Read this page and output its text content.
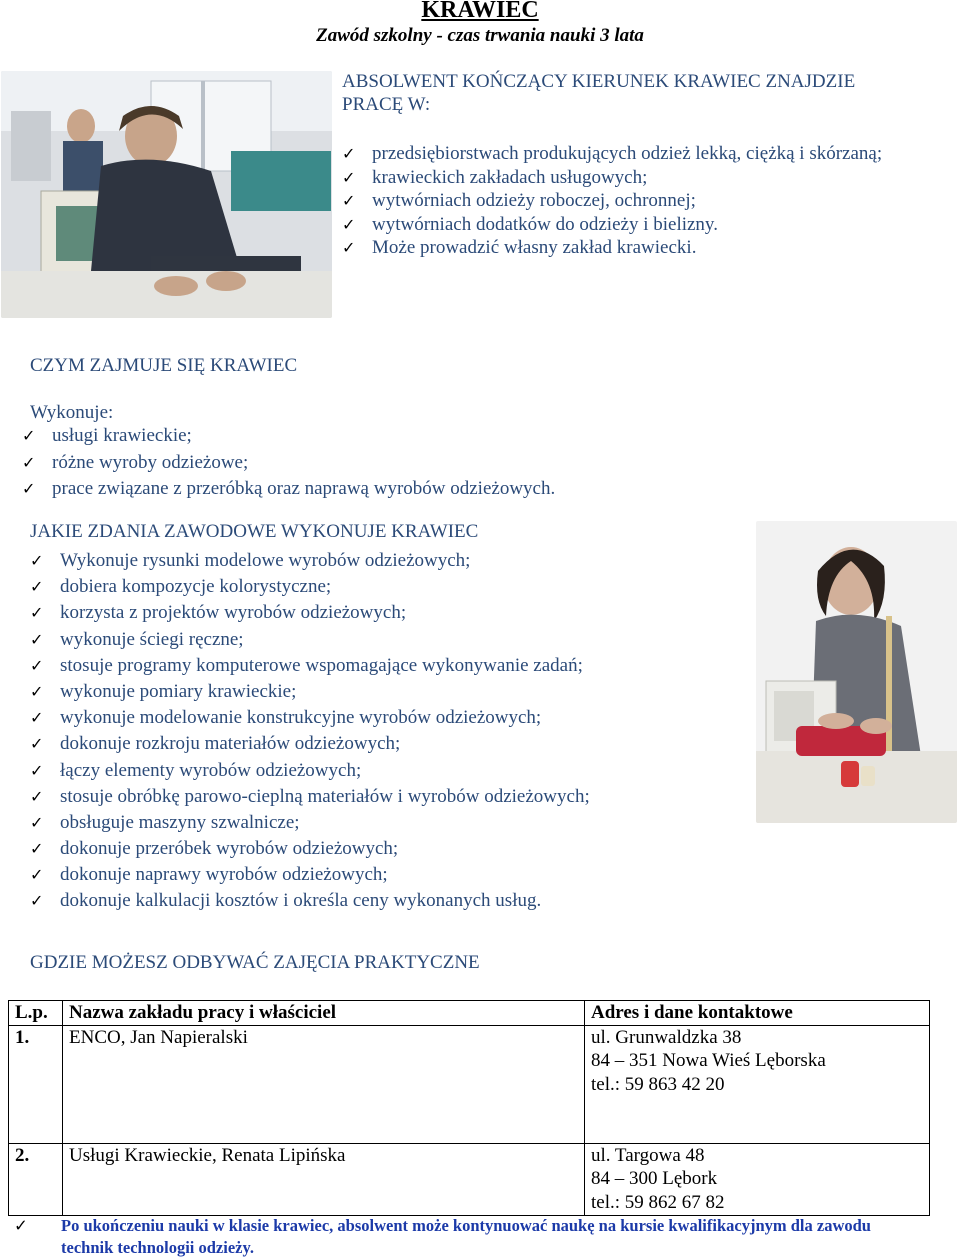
KRAWIEC
Zawód szkolny - czas trwania nauki 3 lata
ABSOLWENT KOŃCZĄCY KIERUNEK KRAWIEC ZNAJDZIE
PRACĘ W:
✓ przedsiębiorstwach produkujących odzież lekką, ciężką i skórzaną;
✓ krawieckich zakładach usługowych;
✓ wytwórniach odzieży roboczej, ochronnej;
✓ wytwórniach dodatków do odzieży i bielizny.
✓ Może prowadzić własny zakład krawiecki.
CZYM ZAJMUJE SIĘ KRAWIEC
Wykonuje:
✓ usługi krawieckie;
✓ różne wyroby odzieżowe;
✓ prace związane z przeróbką oraz naprawą wyrobów odzieżowych.
JAKIE ZDANIA ZAWODOWE WYKONUJE KRAWIEC
✓ Wykonuje rysunki modelowe wyrobów odzieżowych;
✓ dobiera kompozycje kolorystyczne;
✓ korzysta z projektów wyrobów odzieżowych;
✓ wykonuje ściegi ręczne;
✓ stosuje programy komputerowe wspomagające wykonywanie zadań;
✓ wykonuje pomiary krawieckie;
✓ wykonuje modelowanie konstrukcyjne wyrobów odzieżowych;
✓ dokonuje rozkroju materiałów odzieżowych;
✓ łączy elementy wyrobów odzieżowych;
✓ stosuje obróbkę parowo-cieplną materiałów i wyrobów odzieżowych;
✓ obsługuje maszyny szwalnicze;
✓ dokonuje przeróbek wyrobów odzieżowych;
✓ dokonuje naprawy wyrobów odzieżowych;
✓ dokonuje kalkulacji kosztów i określa ceny wykonanych usług.
GDZIE MOŻESZ ODBYWAĆ ZAJĘCIA PRAKTYCZNE
L.p.	Nazwa zakładu pracy i właściciel	Adres i dane kontaktowe
1.	ENCO, Jan Napieralski	ul. Grunwaldzka 38
84 – 351 Nowa Wieś Lęborska
tel.: 59 863 42 20

2.	Usługi Krawieckie, Renata Lipińska	ul. Targowa 48
84 – 300 Lębork
tel.: 59 862 67 82
✓	Po ukończeniu nauki w klasie krawiec, absolwent może kontynuować naukę na kursie kwalifikacyjnym dla zawodu
technik technologii odzieży.
